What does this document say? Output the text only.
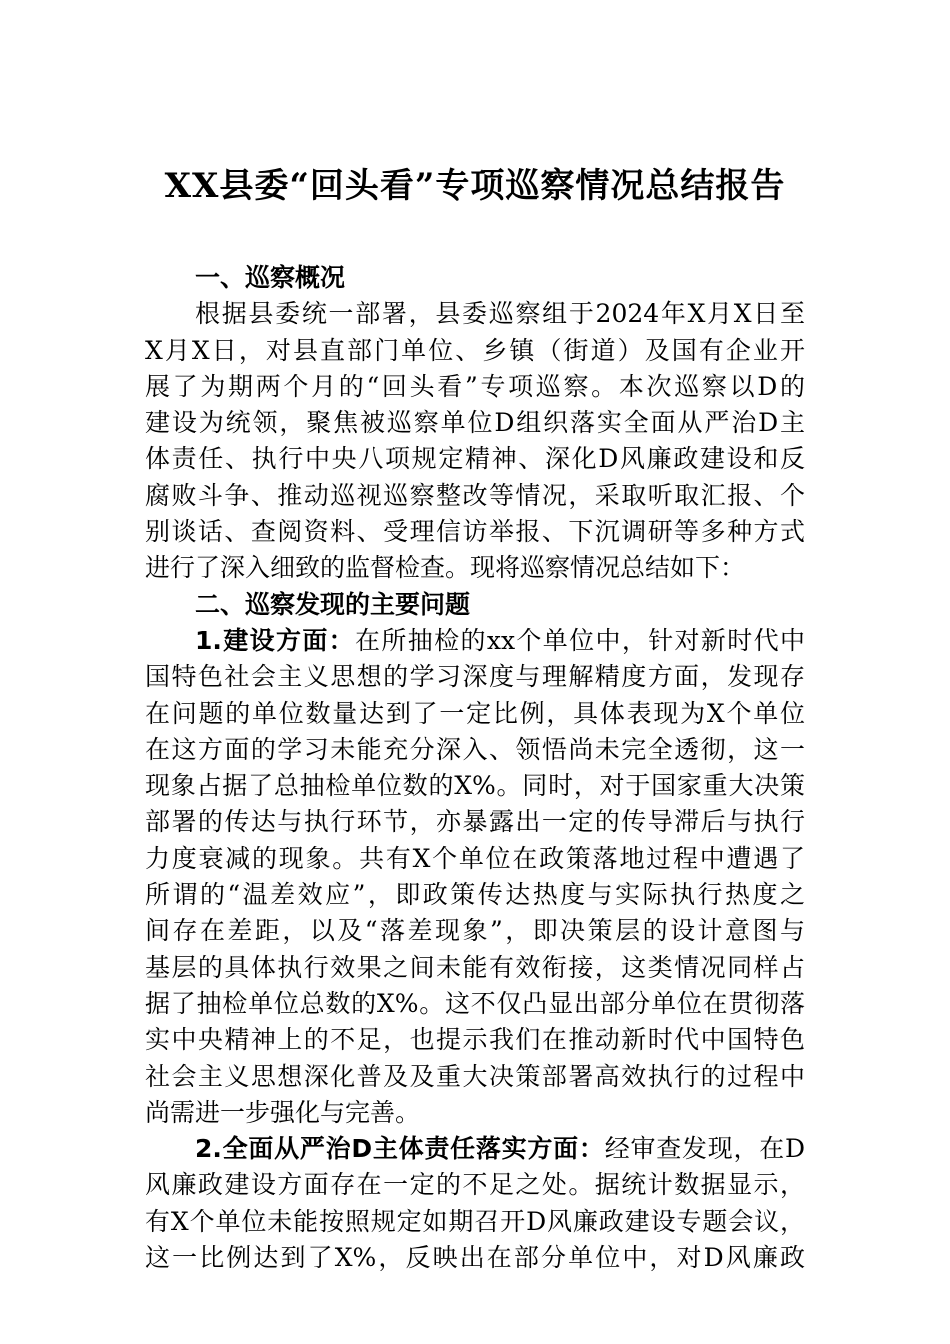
XX县委“回头看”专项巡察情况总结报告
一、巡察概况
根据县委统一部署，县委巡察组于2024年X月X日至
X月X日，对县直部门单位、乡镇（街道）及国有企业开
展了为期两个月的“回头看”专项巡察。本次巡察以D的
建设为统领，聚焦被巡察单位D组织落实全面从严治D主
体责任、执行中央八项规定精神、深化D风廉政建设和反
腐败斗争、推动巡视巡察整改等情况，采取听取汇报、个
别谈话、查阅资料、受理信访举报、下沉调研等多种方式
进行了深入细致的监督检查。现将巡察情况总结如下：
二、巡察发现的主要问题
1.建设方面：在所抽检的xx个单位中，针对新时代中
国特色社会主义思想的学习深度与理解精度方面，发现存
在问题的单位数量达到了一定比例，具体表现为X个单位
在这方面的学习未能充分深入、领悟尚未完全透彻，这一
现象占据了总抽检单位数的X%。同时，对于国家重大决策
部署的传达与执行环节，亦暴露出一定的传导滞后与执行
力度衰减的现象。共有X个单位在政策落地过程中遭遇了
所谓的“温差效应”，即政策传达热度与实际执行热度之
间存在差距，以及“落差现象”，即决策层的设计意图与
基层的具体执行效果之间未能有效衔接，这类情况同样占
据了抽检单位总数的X%。这不仅凸显出部分单位在贯彻落
实中央精神上的不足，也提示我们在推动新时代中国特色
社会主义思想深化普及及重大决策部署高效执行的过程中
尚需进一步强化与完善。
2.全面从严治D主体责任落实方面：经审查发现，在D
风廉政建设方面存在一定的不足之处。据统计数据显示，
有X个单位未能按照规定如期召开D风廉政建设专题会议，
这一比例达到了X%，反映出在部分单位中，对D风廉政
